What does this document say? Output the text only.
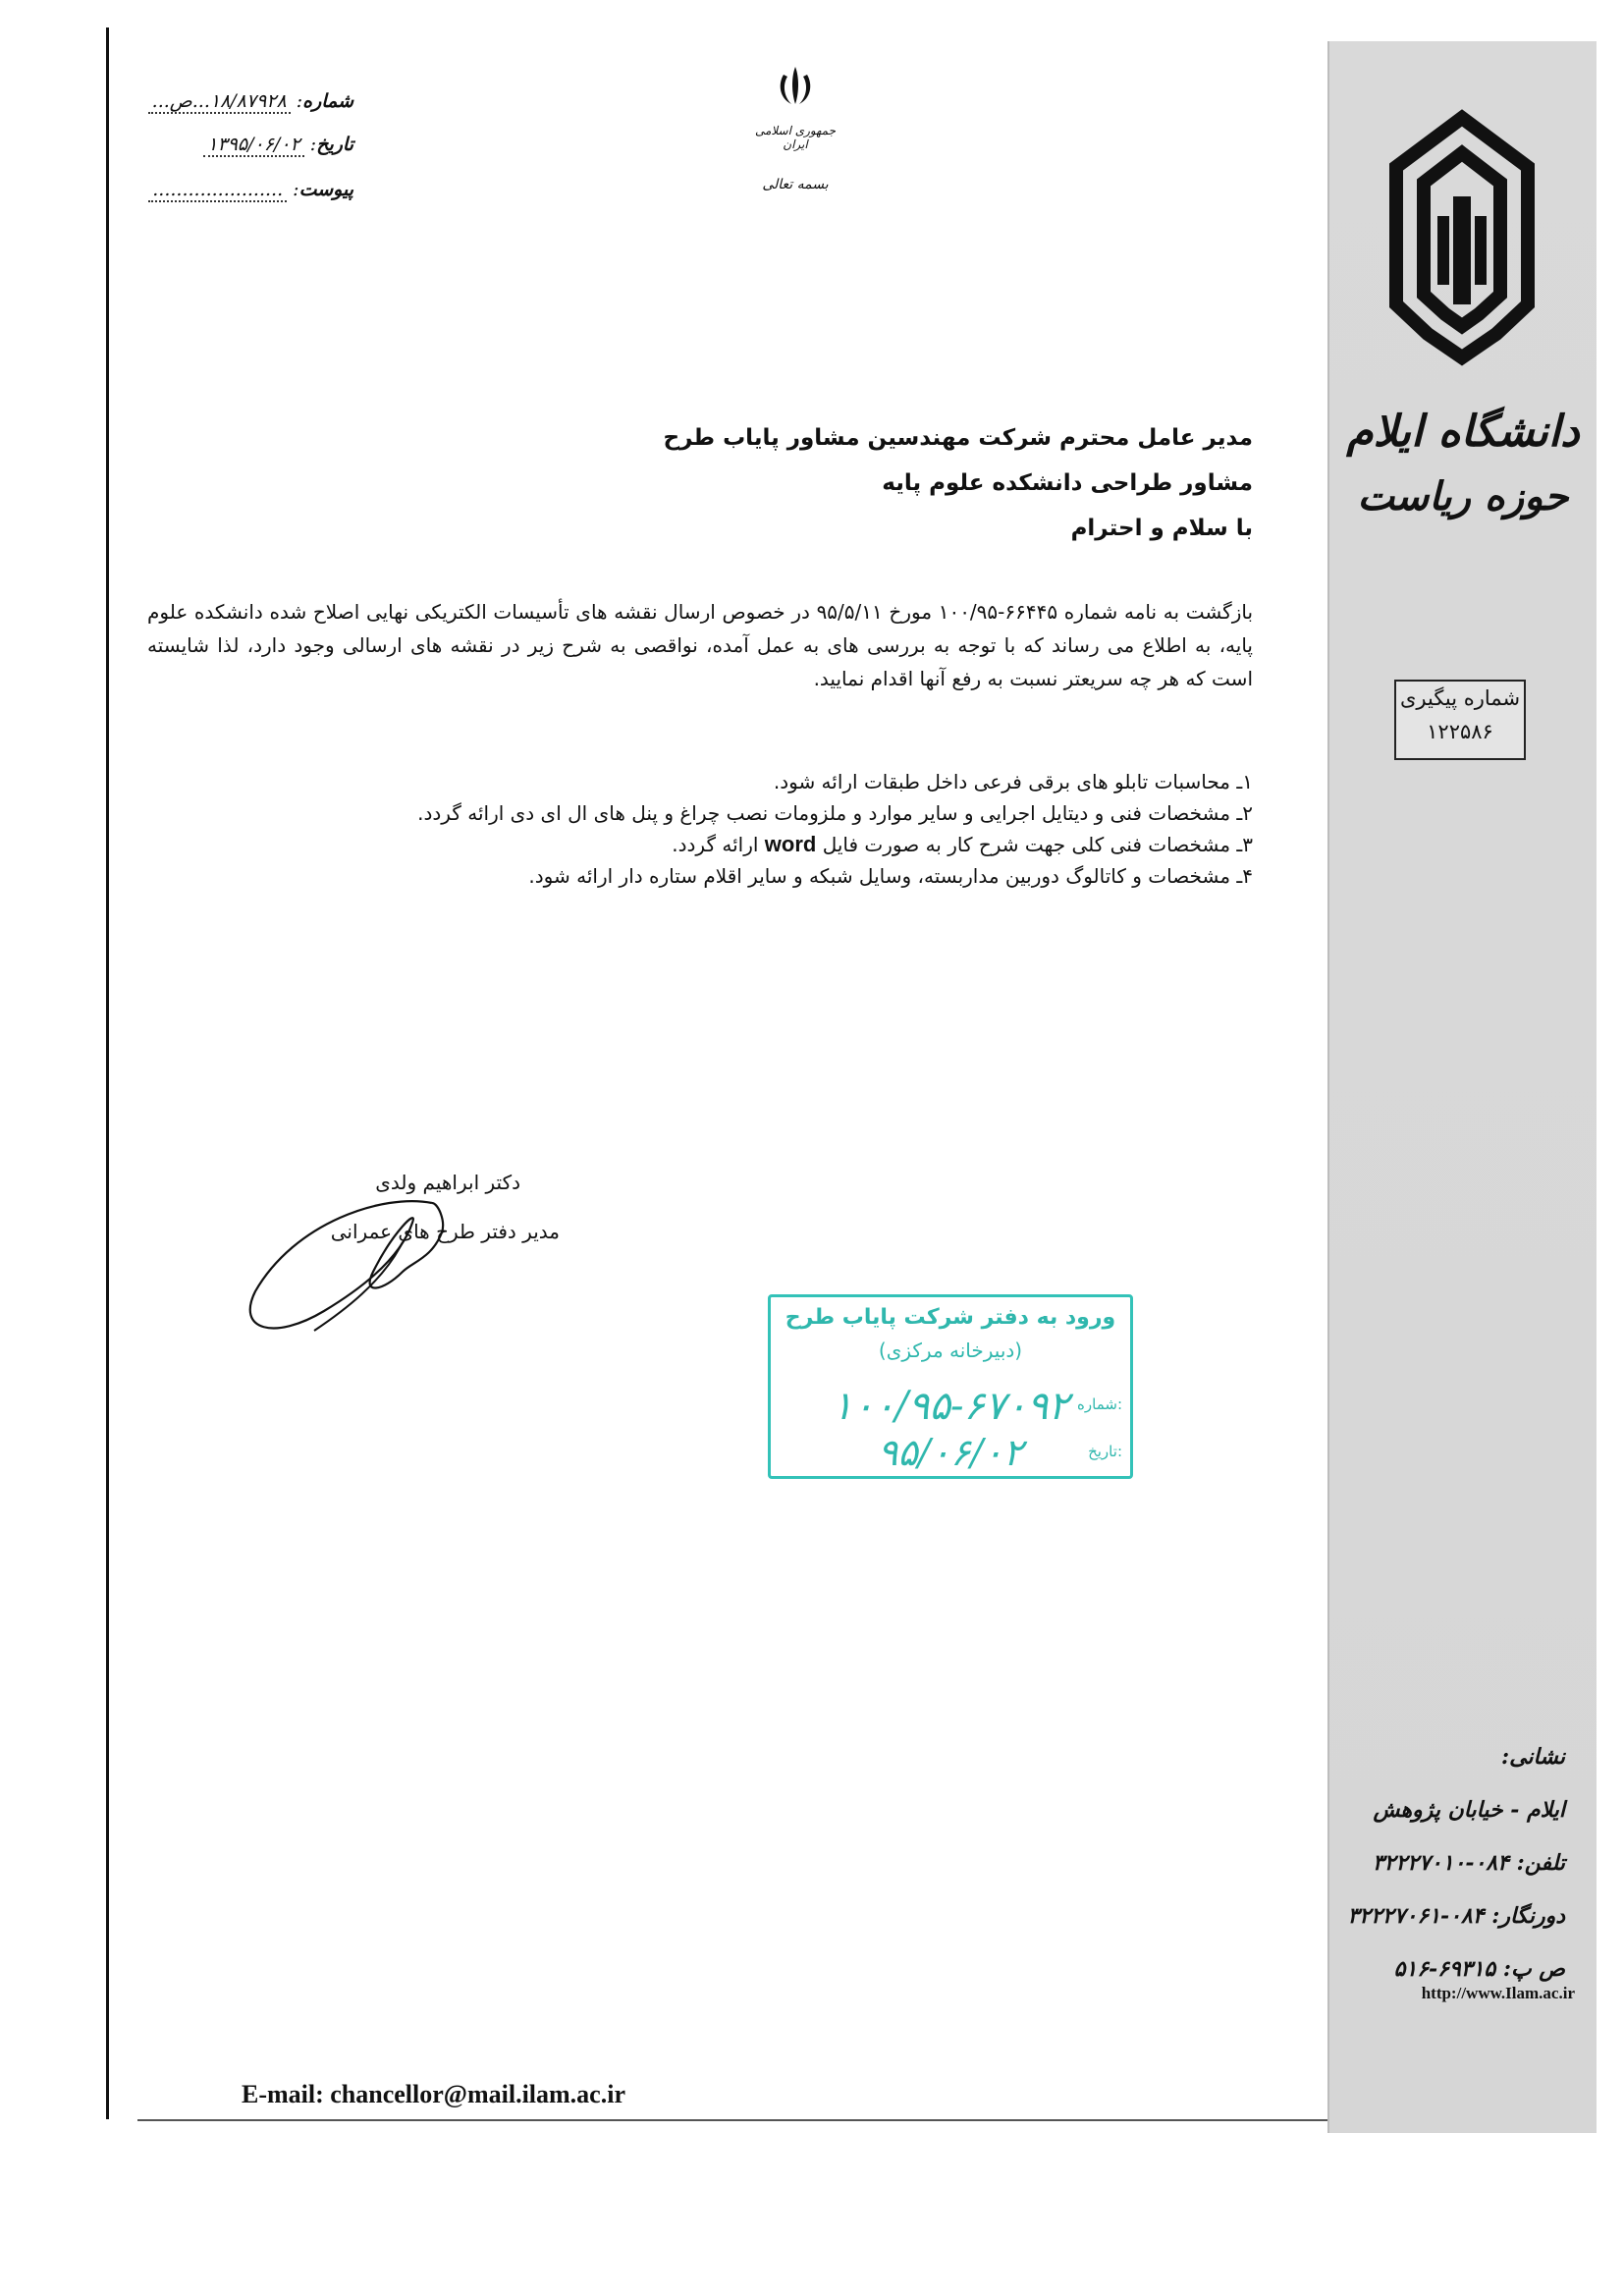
شماره: ۱۸/۸۷۹۲۸...ص...
تاریخ: ۱۳۹۵/۰۶/۰۲
پیوست: ......................
جمهوری اسلامی ایران
بسمه تعالی
دانشگاه ایلام
حوزه ریاست
شماره پیگیری
۱۲۲۵۸۶
نشانی:
ایلام - خیابان پژوهش
تلفن: ۰۸۴-۳۲۲۲۷۰۱۰
دورنگار: ۰۸۴-۳۲۲۲۷۰۶۱
ص پ: ۶۹۳۱۵-۵۱۶
http://www.Ilam.ac.ir
مدیر عامل محترم شرکت مهندسین مشاور پایاب طرح
مشاور طراحی دانشکده علوم پایه
با سلام و احترام
بازگشت به نامه شماره ۶۶۴۴۵-۱۰۰/۹۵ مورخ ۹۵/۵/۱۱ در خصوص ارسال نقشه های تأسیسات الکتریکی نهایی اصلاح شده دانشکده علوم پایه، به اطلاع می رساند که با توجه به بررسی های به عمل آمده، نواقصی به شرح زیر در نقشه های ارسالی وجود دارد، لذا شایسته است که هر چه سریعتر نسبت به رفع آنها اقدام نمایید.
۱ـ محاسبات تابلو های برقی فرعی داخل طبقات ارائه شود.
۲ـ مشخصات فنی و دیتایل اجرایی و سایر موارد و ملزومات نصب چراغ و پنل های ال ای دی ارائه گردد.
۳ـ مشخصات فنی کلی جهت شرح کار به صورت فایل word ارائه گردد.
۴ـ مشخصات و کاتالوگ دوربین مداربسته، وسایل شبکه و سایر اقلام ستاره دار ارائه شود.
دکتر ابراهیم ولدی
مدیر دفتر طرح های عمرانی
ورود به دفتر شرکت پایاب طرح
(دبیرخانه مرکزی)
شماره:
۱۰۰/۹۵-۶۷۰۹۲
تاریخ:
۹۵/۰۶/۰۲
E-mail: chancellor@mail.ilam.ac.ir
